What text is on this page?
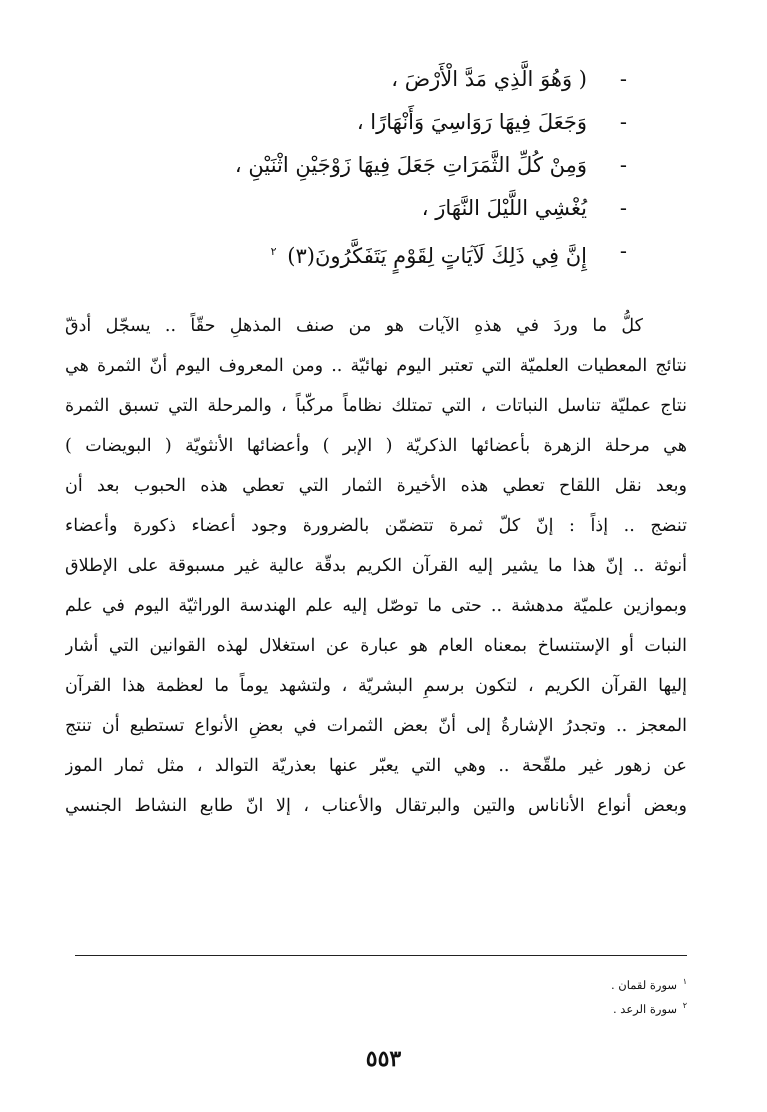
-
( وَهُوَ الَّذِي مَدَّ الْأَرْضَ ،
-
وَجَعَلَ فِيهَا رَوَاسِيَ وَأَنْهَارًا ،
-
وَمِنْ كُلِّ الثَّمَرَاتِ جَعَلَ فِيهَا زَوْجَيْنِ اثْنَيْنِ ،
-
يُغْشِي اللَّيْلَ النَّهَارَ ،
-
إِنَّ فِي ذَلِكَ لَآيَاتٍ لِقَوْمٍ يَتَفَكَّرُونَ(٣) $^٢$
كلُّ ما وردَ في هذهِ الآيات هو من صنف المذهلِ حقّاً .. يسجّل أدقّ
نتائج المعطيات العلميّة التي تعتبر اليوم نهائيّة .. ومن المعروف اليوم أنّ الثمرة هي
نتاج عمليّة تناسل النباتات ، التي تمتلك نظاماً مركّباً ، والمرحلة التي تسبق الثمرة
هي مرحلة الزهرة بأعضائها الذكريّة ( الإبر ) وأعضائها الأنثويّة ( البويضات )
وبعد نقل اللقاح تعطي هذه الأخيرة الثمار التي تعطي هذه الحبوب بعد أن
تنضج .. إذاً : إنّ كلّ ثمرة تتضمّن بالضرورة وجود أعضاء ذكورة وأعضاء
أنوثة .. إنّ هذا ما يشير إليه القرآن الكريم بدقّة عالية غير مسبوقة على الإطلاق
وبموازين علميّة مدهشة .. حتى ما توصّل إليه علم الهندسة الوراثيّة اليوم في علم
النبات أو الإستنساخ بمعناه العام هو عبارة عن استغلال لهذه القوانين التي أشار
إليها القرآن الكريم ، لتكون برسمِ البشريّة ، ولتشهد يوماً ما لعظمة هذا القرآن
المعجز .. وتجدرُ الإشارةُ إلى أنّ بعض الثمرات في بعضِ الأنواع تستطيع أن تنتج
عن زهور غير ملقّحة .. وهي التي يعبّر عنها بعذريّة التوالد ، مثل ثمار الموز
وبعض أنواع الأناناس والتين والبرتقال والأعناب ، إلا انّ طابع النشاط الجنسي
$^١$ سورة لقمان .
$^٢$ سورة الرعد .
٥٥٣
